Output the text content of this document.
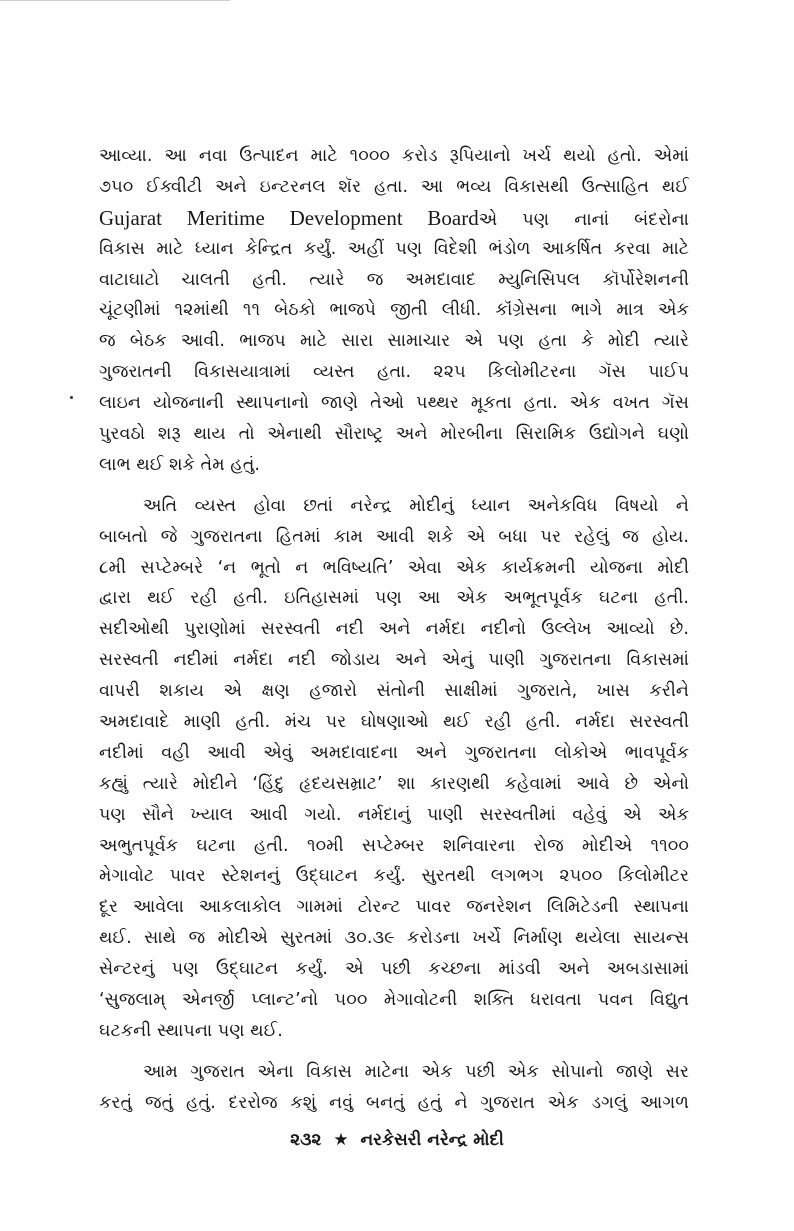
આવ્યા. આ નવા ઉત્પાદન માટે ૧૦૦૦ કરોડ રૂપિયાનો ખર્ચ થયો હતો. એમાં
૭૫૦ ઈક્વીટી અને ઇન્ટરનલ શૅર હતા. આ ભવ્ય વિકાસથી ઉત્સાહિત થઈ
Gujarat Meritime Development Boardએ પણ નાનાં બંદરોના
વિકાસ માટે ધ્યાન કેન્દ્રિત કર્યું. અહીં પણ વિદેશી ભંડોળ આકર્ષિત કરવા માટે
વાટાઘાટો ચાલતી હતી. ત્યારે જ અમદાવાદ મ્યુનિસિપલ કૉર્પોરેશનની
ચૂંટણીમાં ૧૨માંથી ૧૧ બેઠકો ભાજપે જીતી લીધી. કૉંગ્રેસના ભાગે માત્ર એક
જ બેઠક આવી. ભાજપ માટે સારા સામાચાર એ પણ હતા કે મોદી ત્યારે
ગુજરાતની વિકાસયાત્રામાં વ્યસ્ત હતા. ૨૨૫ કિલોમીટરના ગૅસ પાઈપ
લાઇન યોજનાની સ્થાપનાનો જાણે તેઓ પથ્થર મૂકતા હતા. એક વખત ગૅસ
પુરવઠો શરૂ થાય તો એનાથી સૌરાષ્ટ્ર અને મોરબીના સિરામિક ઉદ્યોગને ઘણો
લાભ થઈ શકે તેમ હતું.
અતિ વ્યસ્ત હોવા છતાં નરેન્દ્ર મોદીનું ધ્યાન અનેકવિધ વિષયો ને
બાબતો જે ગુજરાતના હિતમાં કામ આવી શકે એ બધા પર રહેલું જ હોય.
૮મી સપ્ટેમ્બરે ‘ન ભૂતો ન ભવિષ્યતિ’ એવા એક કાર્યક્રમની યોજના મોદી
દ્વારા થઈ રહી હતી. ઇતિહાસમાં પણ આ એક અભૂતપૂર્વક ઘટના હતી.
સદીઓથી પુરાણોમાં સરસ્વતી નદી અને નર્મદા નદીનો ઉલ્લેખ આવ્યો છે.
સરસ્વતી નદીમાં નર્મદા નદી જોડાય અને એનું પાણી ગુજરાતના વિકાસમાં
વાપરી શકાય એ ક્ષણ હજારો સંતોની સાક્ષીમાં ગુજરાતે, ખાસ કરીને
અમદાવાદે માણી હતી. મંચ પર ઘોષણાઓ થઈ રહી હતી. નર્મદા સરસ્વતી
નદીમાં વહી આવી એવું અમદાવાદના અને ગુજરાતના લોકોએ ભાવપૂર્વક
કહ્યું ત્યારે મોદીને ‘હિંદુ હૃદયસમ્રાટ’ શા કારણથી કહેવામાં આવે છે એનો
પણ સૌને ખ્યાલ આવી ગયો. નર્મદાનું પાણી સરસ્વતીમાં વહેવું એ એક
અભુતપૂર્વક ઘટના હતી. ૧૦મી સપ્ટેમ્બર શનિવારના રોજ મોદીએ ૧૧૦૦
મેગાવોટ પાવર સ્ટેશનનું ઉદ્ઘાટન કર્યું. સુરતથી લગભગ ૨૫૦૦ કિલોમીટર
દૂર આવેલા આકલાકોલ ગામમાં ટોરન્ટ પાવર જનરેશન લિમિટેડની સ્થાપના
થઈ. સાથે જ મોદીએ સુરતમાં ૩૦.૩૯ કરોડના ખર્ચે નિર્માણ થયેલા સાયન્સ
સેન્ટરનું પણ ઉદ્ઘાટન કર્યું. એ પછી કચ્છના માંડવી અને અબડાસામાં
‘સુજલામ્ એનર્જી પ્લાન્ટ’નો ૫૦૦ મેગાવોટની શક્તિ ધરાવતા પવન વિદ્યુત
ઘટકની સ્થાપના પણ થઈ.
આમ ગુજરાત એના વિકાસ માટેના એક પછી એક સોપાનો જાણે સર
કરતું જતું હતું. દરરોજ કશું નવું બનતું હતું ને ગુજરાત એક ડગલું આગળ
૨૩૨ ★ નરકેસરી નરેન્દ્ર મોદી
